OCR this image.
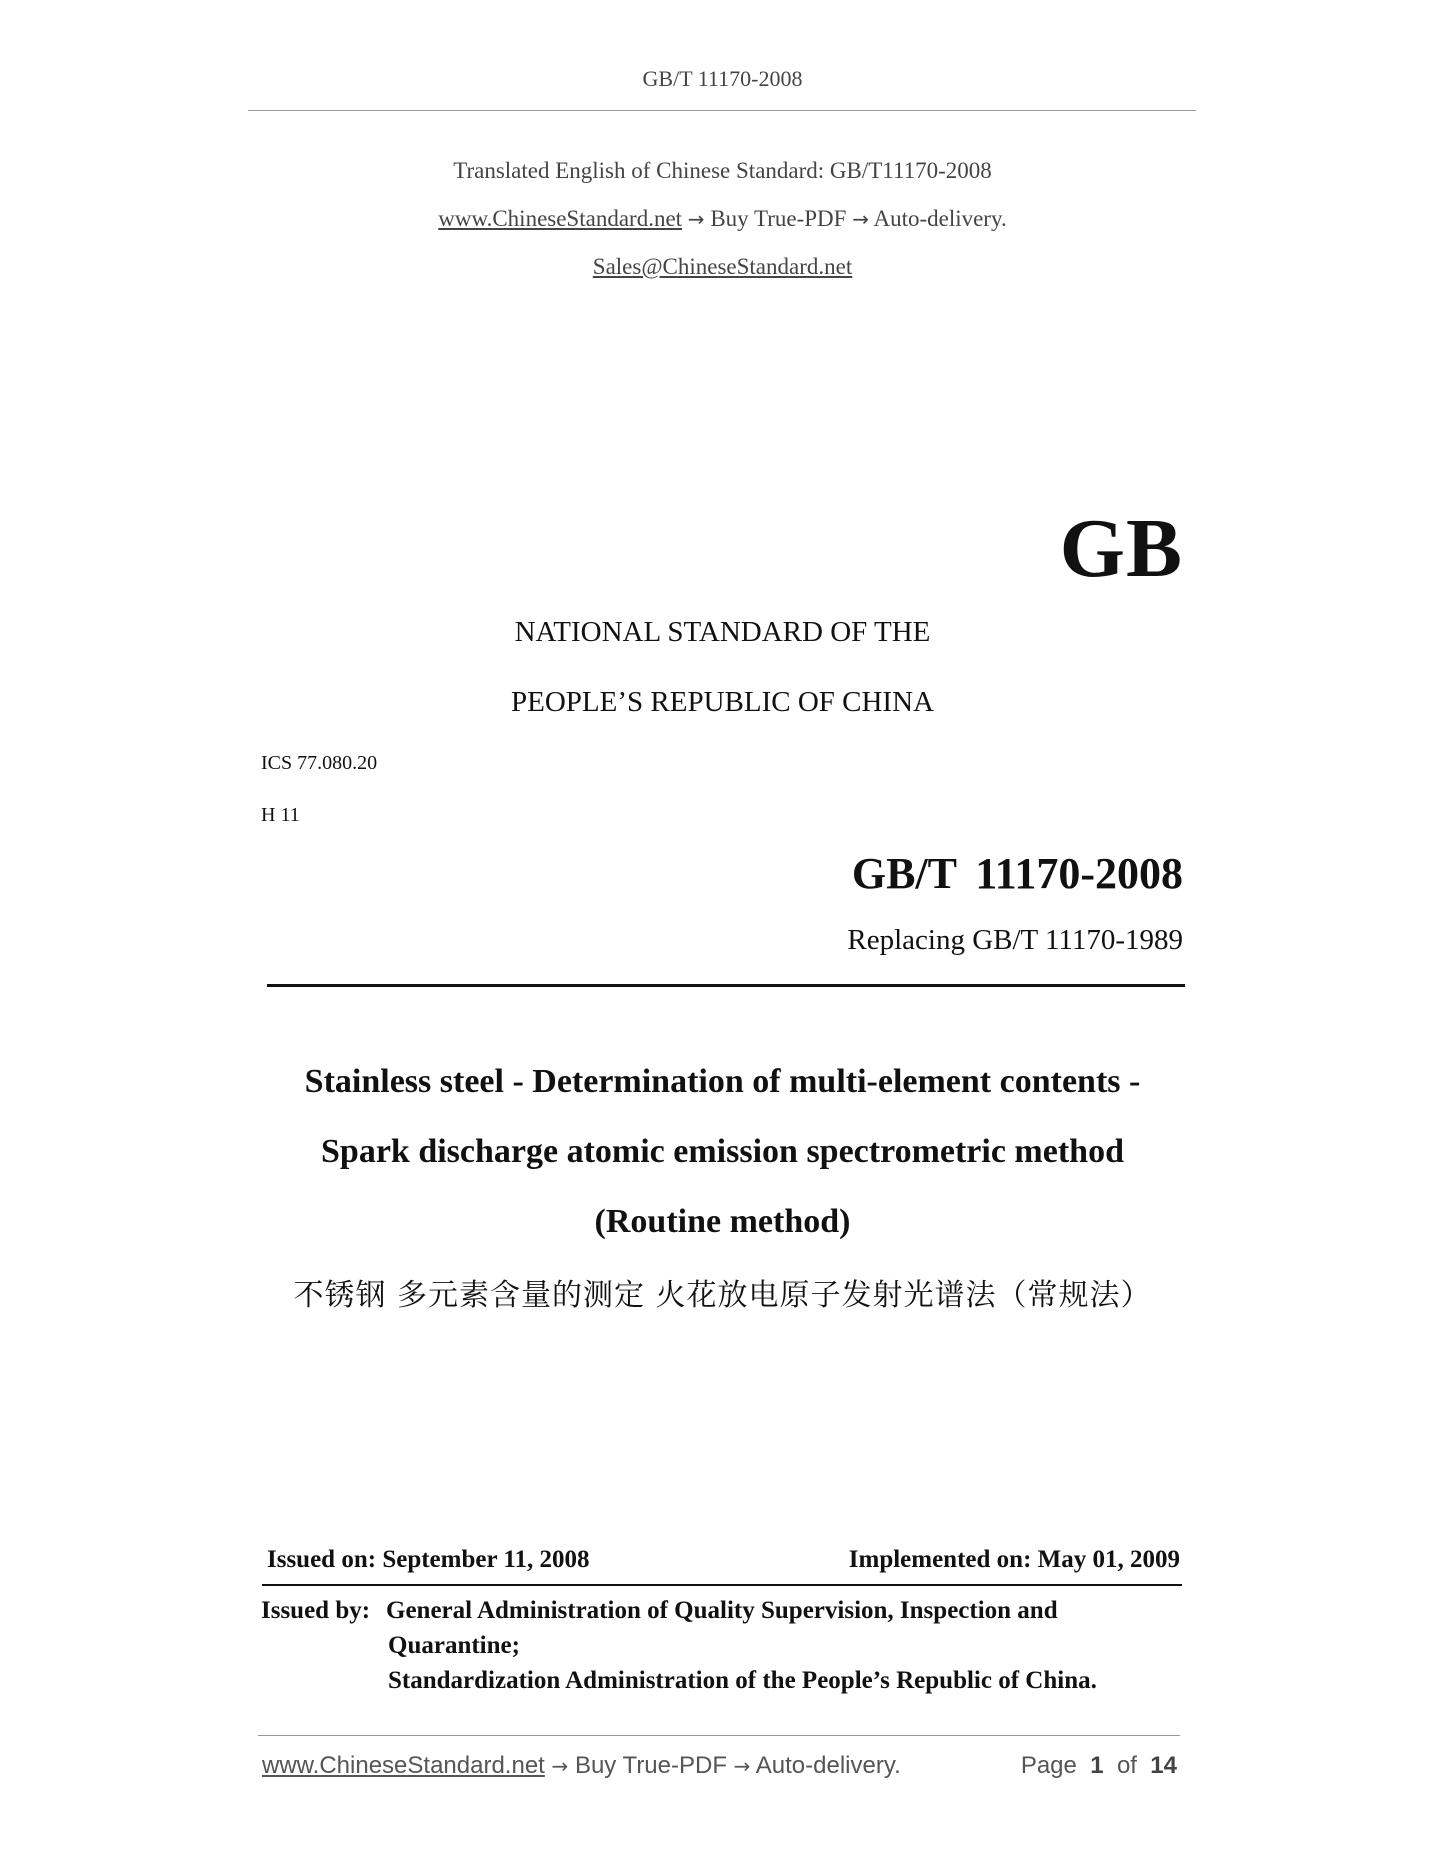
GB/T 11170-2008
Translated English of Chinese Standard: GB/T11170-2008
www.ChineseStandard.net → Buy True-PDF → Auto-delivery.
Sales@ChineseStandard.net
GB
NATIONAL STANDARD OF THE
PEOPLE’S REPUBLIC OF CHINA
ICS 77.080.20
H 11
GB/T 11170-2008
Replacing GB/T 11170-1989
Stainless steel - Determination of multi-element contents -
Spark discharge atomic emission spectrometric method
(Routine method)
不锈钢 多元素含量的测定 火花放电原子发射光谱法（常规法）
Issued on: September 11, 2008	Implemented on: May 01, 2009
Issued by: General Administration of Quality Supervision, Inspection and
Quarantine;
Standardization Administration of the People’s Republic of China.
www.ChineseStandard.net → Buy True-PDF → Auto-delivery.	Page 1 of 14
